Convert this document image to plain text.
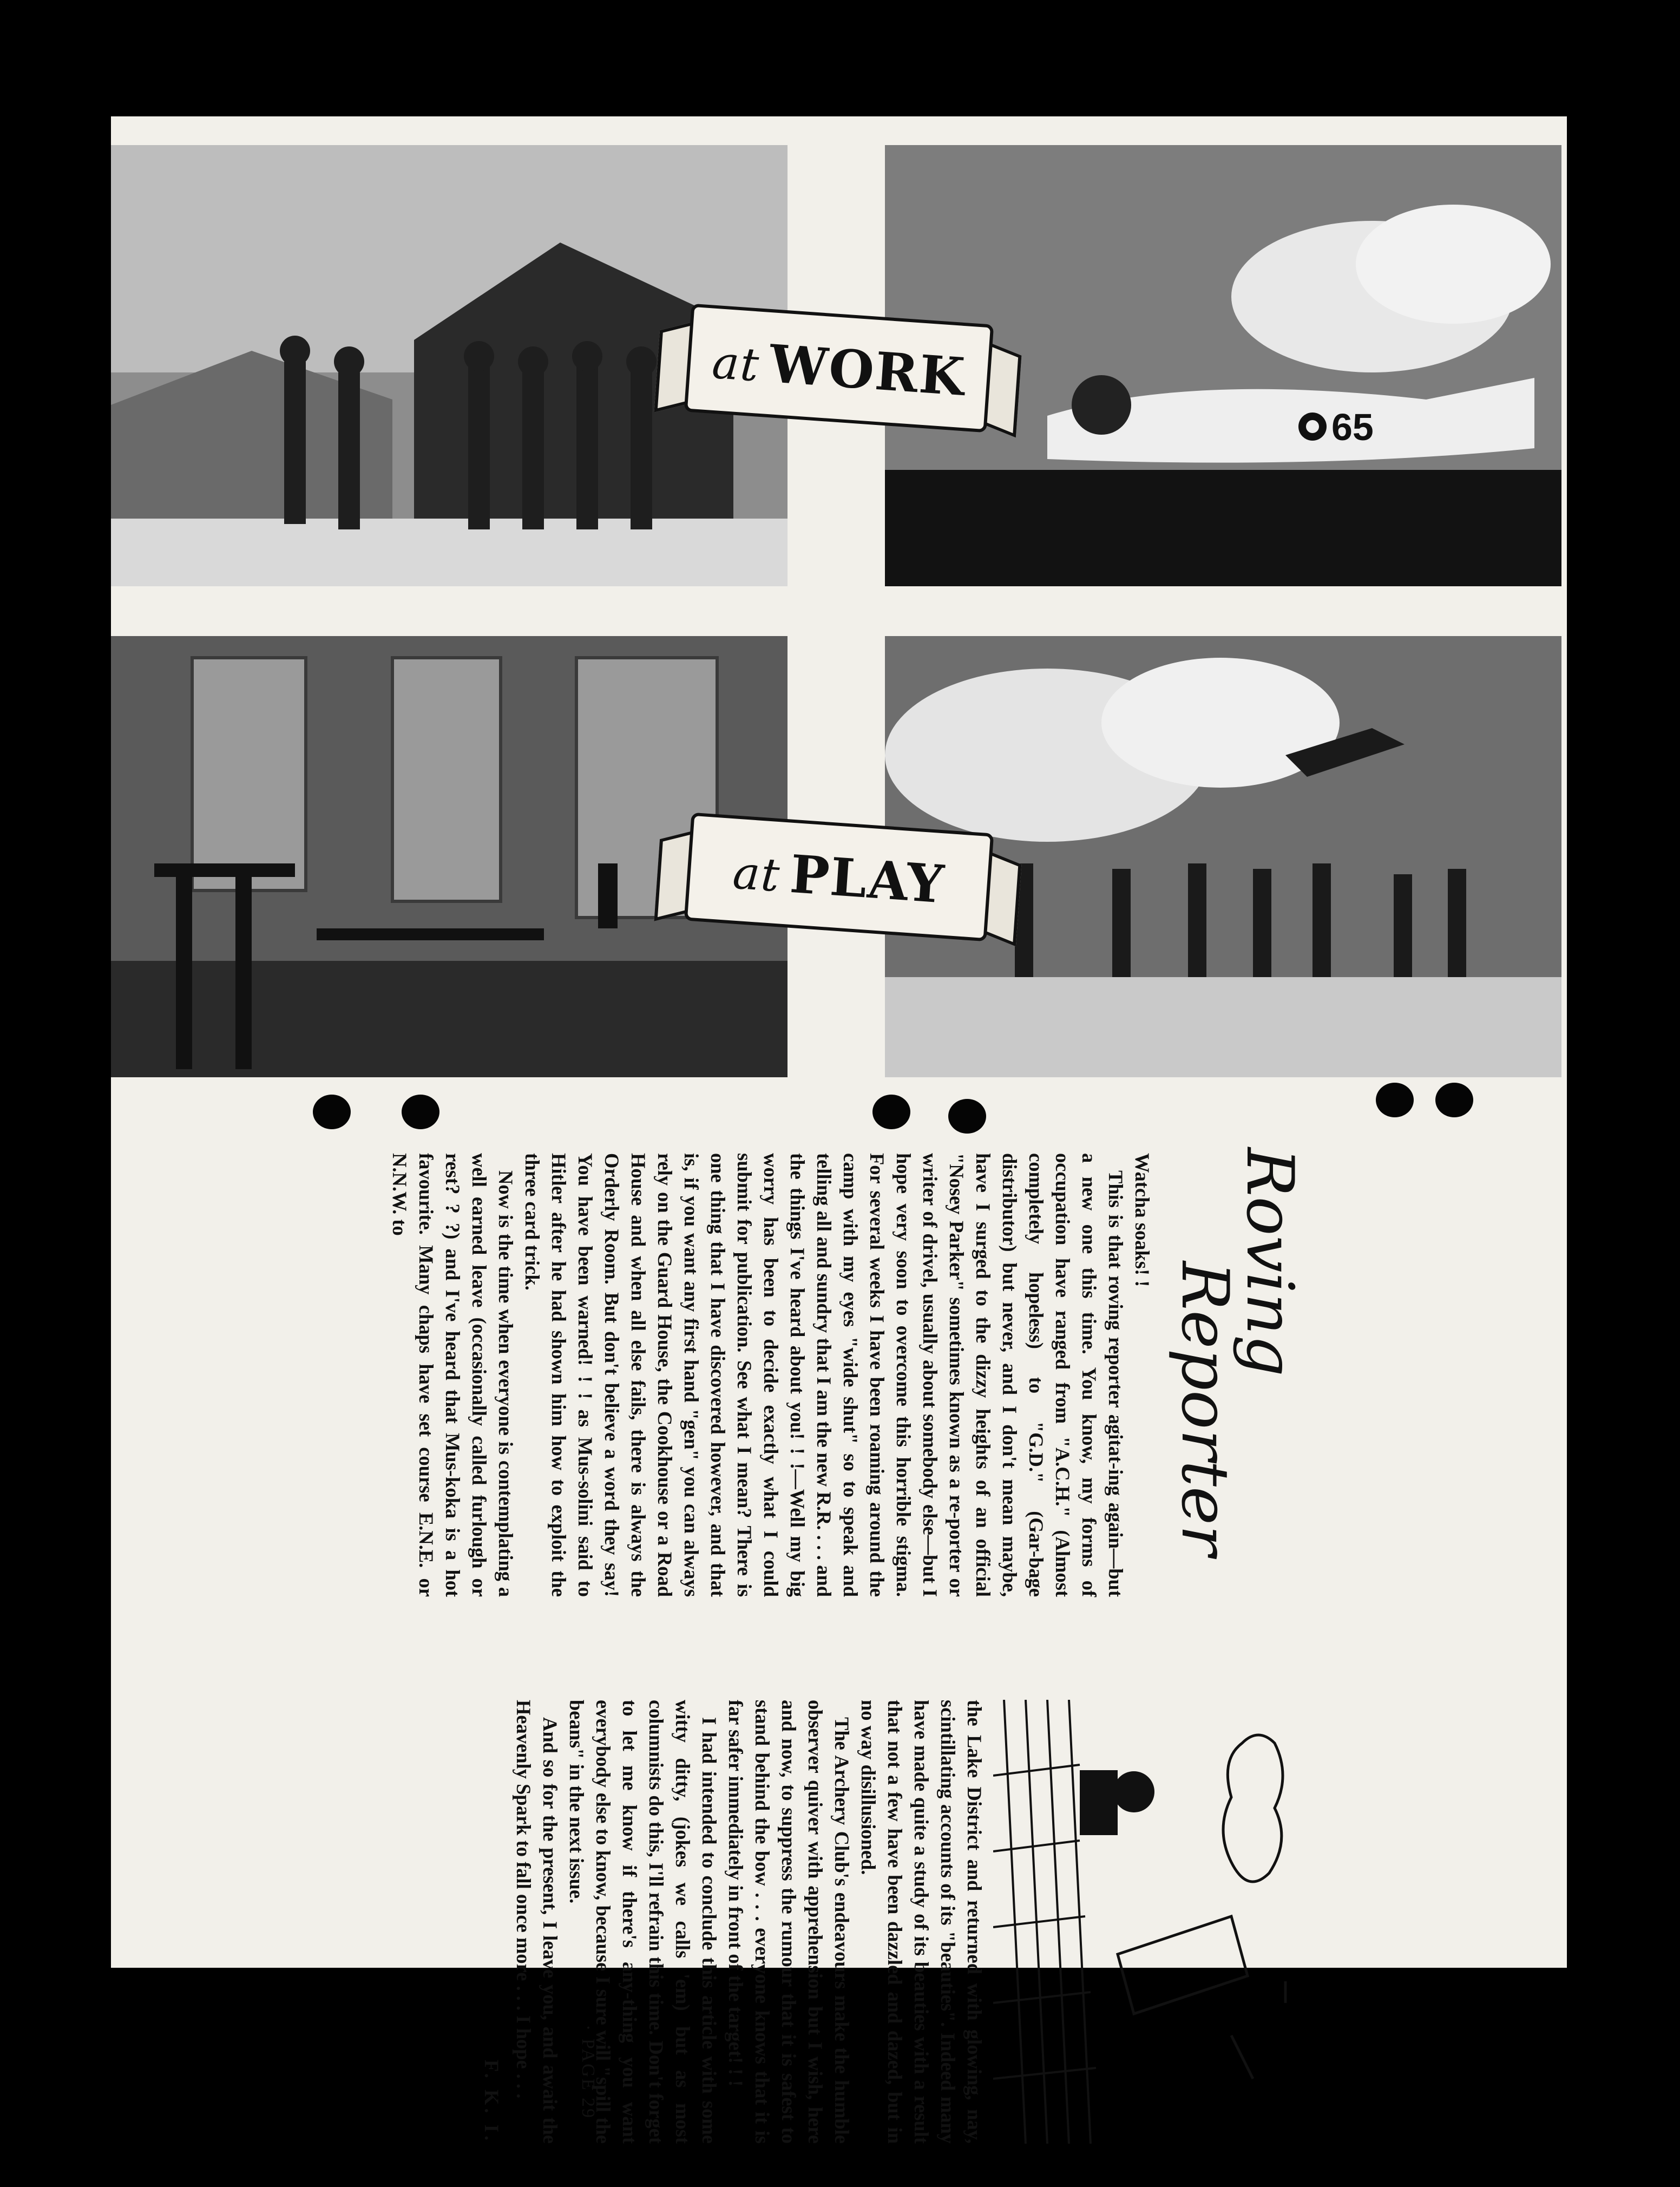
65
at WORK
at PLAY
Roving
Reporter

Watcha soaks! !

This is that roving reporter agitat-ing again—but a new one this time. You know, my forms of occupation have ranged from "A.C.H." (Almost completely hopeless) to "G.D." (Gar-bage distributor) but never, and I don't mean maybe, have I surged to the dizzy heights of an official "Nosey Parker" sometimes known as a re-porter or writer of drivel, usually about somebody else—but I hope very soon to overcome this horrible stigma. For several weeks I have been roaming around the camp with my eyes "wide shut" so to speak and telling all and sundry that I am the new R.R. . . . and the things I've heard about you! ! !—Well my big worry has been to decide exactly what I could submit for publication. See what I mean? There is one thing that I have discovered however, and that is, if you want any first hand "gen" you can always rely on the Guard House, the Cookhouse or a Road House and when all else fails, there is always the Orderly Room. But don't believe a word they say! You have been warned! ! ! as Mus-solini said to Hitler after he had shown him how to exploit the three card trick.

Now is the time when everyone is contemplating a well earned leave (occasionally called furlough or rest? ? ?) and I've heard that Mus-koka is a hot favourite. Many chaps have set course E.N.E. or N.N.W. to

the Lake District and returned with glowing, nay, scintillating accounts of its "beauties". Indeed many have made quite a study of its beauties with a result that not a few have been dazzled and dazed, but in no way disillusioned.

The Archery Club's endeavours make the humble observer quiver with apprehension but I wish, here and now, to suppress the rumour that it is safest to stand behind the bow . . . everyone knows that it is far safer immediately in front of the target! ! !

I had intended to conclude this article with some witty ditty, (jokes we calls 'em) but as most columnists do this, I'll refrain this time. Don't forget to let me know if there's any-thing you want everybody else to know, because I sure will "spill the beans" in the next issue.

And so for the present, I leave you, and await the Heavenly Spark to fall once more . . . I hope . . .

F. K. I.	· PAGE 29
